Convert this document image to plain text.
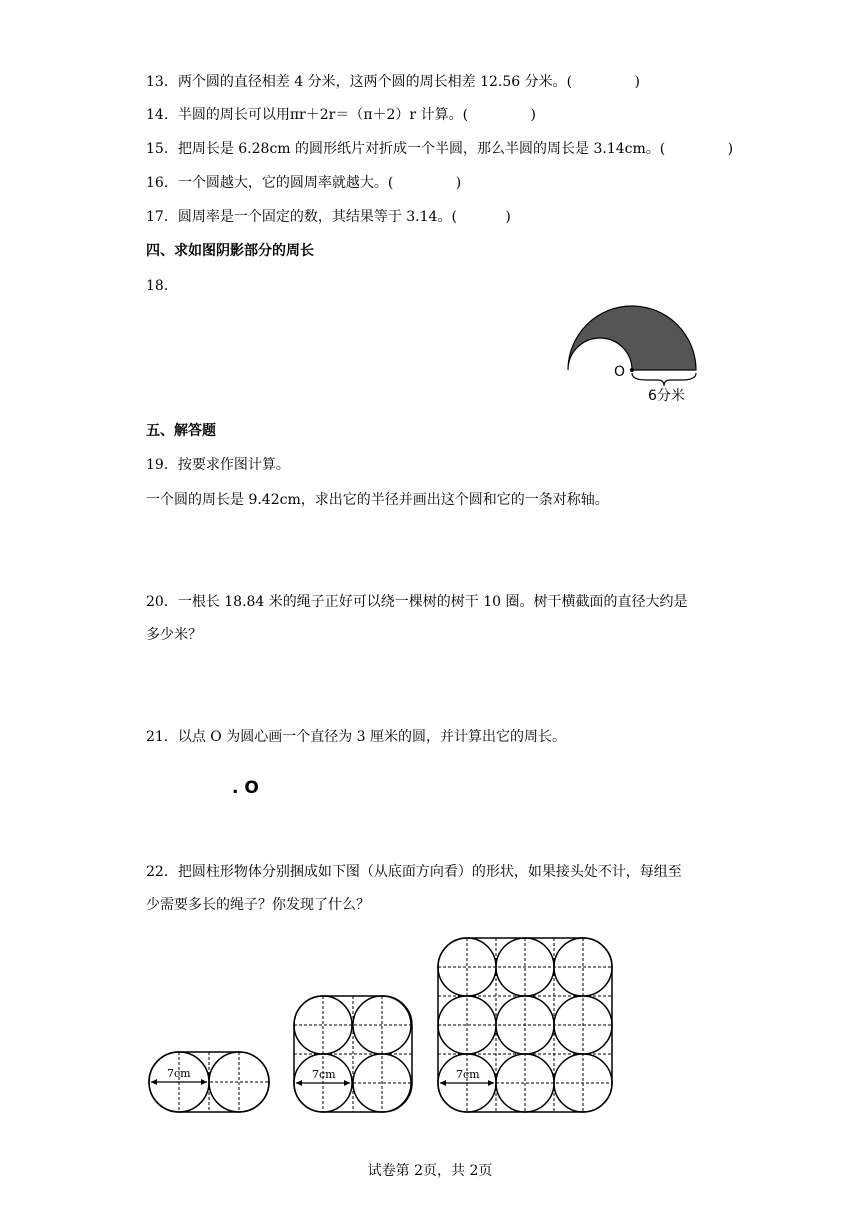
13．两个圆的直径相差 4 分米，这两个圆的周长相差 12.56 分米。(	)
14．半圆的周长可以用πr＋2r＝（π＋2）r 计算。(	)
15．把周长是 6.28cm 的圆形纸片对折成一个半圆，那么半圆的周长是 3.14cm。(	)
16．一个圆越大，它的圆周率就越大。(	)
17．圆周率是一个固定的数，其结果等于 3.14。(	)
四、求如图阴影部分的周长
18．
O
6分米
五、解答题
19．按要求作图计算。
一个圆的周长是 9.42cm，求出它的半径并画出这个圆和它的一条对称轴。
20．一根长 18.84 米的绳子正好可以绕一棵树的树干 10 圈。树干横截面的直径大约是
多少米？
21．以点 O 为圆心画一个直径为 3 厘米的圆，并计算出它的周长。
. O
22．把圆柱形物体分别捆成如下图（从底面方向看）的形状，如果接头处不计，每组至
少需要多长的绳子？你发现了什么？
7cm	7cm	7cm
试卷第 2页，共 2页
